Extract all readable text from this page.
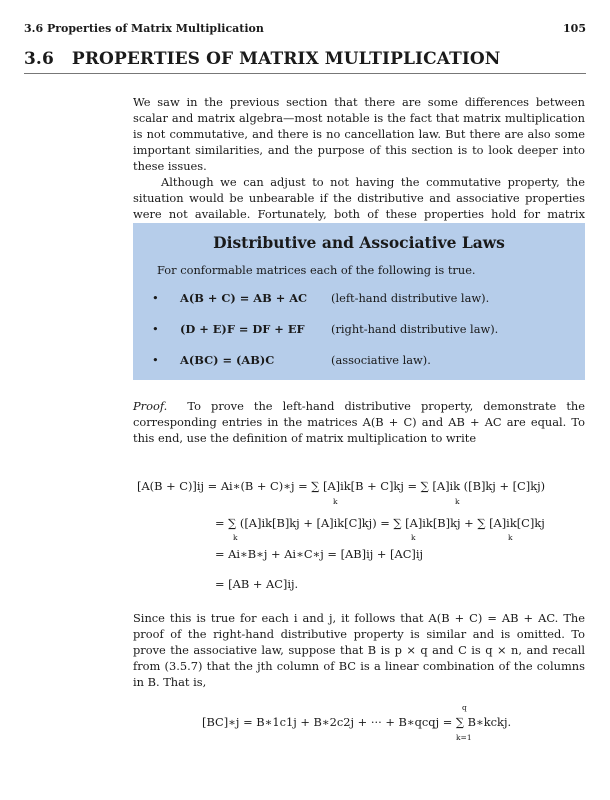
3.6 Properties of Matrix Multiplication	105
3.6   PROPERTIES OF MATRIX MULTIPLICATION

We saw in the previous section that there are some differences between scalar and matrix algebra—most notable is the fact that matrix multiplication is not commutative, and there is no cancellation law. But there are also some important similarities, and the purpose of this section is to look deeper into these issues.

Although we can adjust to not having the commutative property, the situation would be unbearable if the distributive and associative properties were not available. Fortunately, both of these properties hold for matrix

Distributive and Associative Laws
For conformable matrices each of the following is true.
• A(B + C) = AB + AC (left-hand distributive law).
• (D + E)F = DF + EF (right-hand distributive law).
• A(BC) = (AB)C	(associative law).

Proof. To prove the left-hand distributive property, demonstrate the corresponding entries in the matrices A(B + C) and AB + AC are equal. To this end, use the definition of matrix multiplication to write

[A(B + C)]ij = Ai∗(B + C)∗j = ∑ [A]ik[B + C]kj = ∑ [A]ik ([B]kj + [C]kj)
k	k
= ∑ ([A]ik[B]kj + [A]ik[C]kj) = ∑ [A]ik[B]kj + ∑ [A]ik[C]kj
k	k	k
= Ai∗B∗j + Ai∗C∗j = [AB]ij + [AC]ij
= [AB + AC]ij.
Since this is true for each i and j, it follows that A(B + C) = AB + AC. The proof of the right-hand distributive property is similar and is omitted. To prove the associative law, suppose that B is p × q and C is q × n, and recall from (3.5.7) that the jth column of BC is a linear combination of the columns in B. That is,
q
[BC]∗j = B∗1c1j + B∗2c2j + ··· + B∗qcqj = ∑ B∗kckj.
k=1
